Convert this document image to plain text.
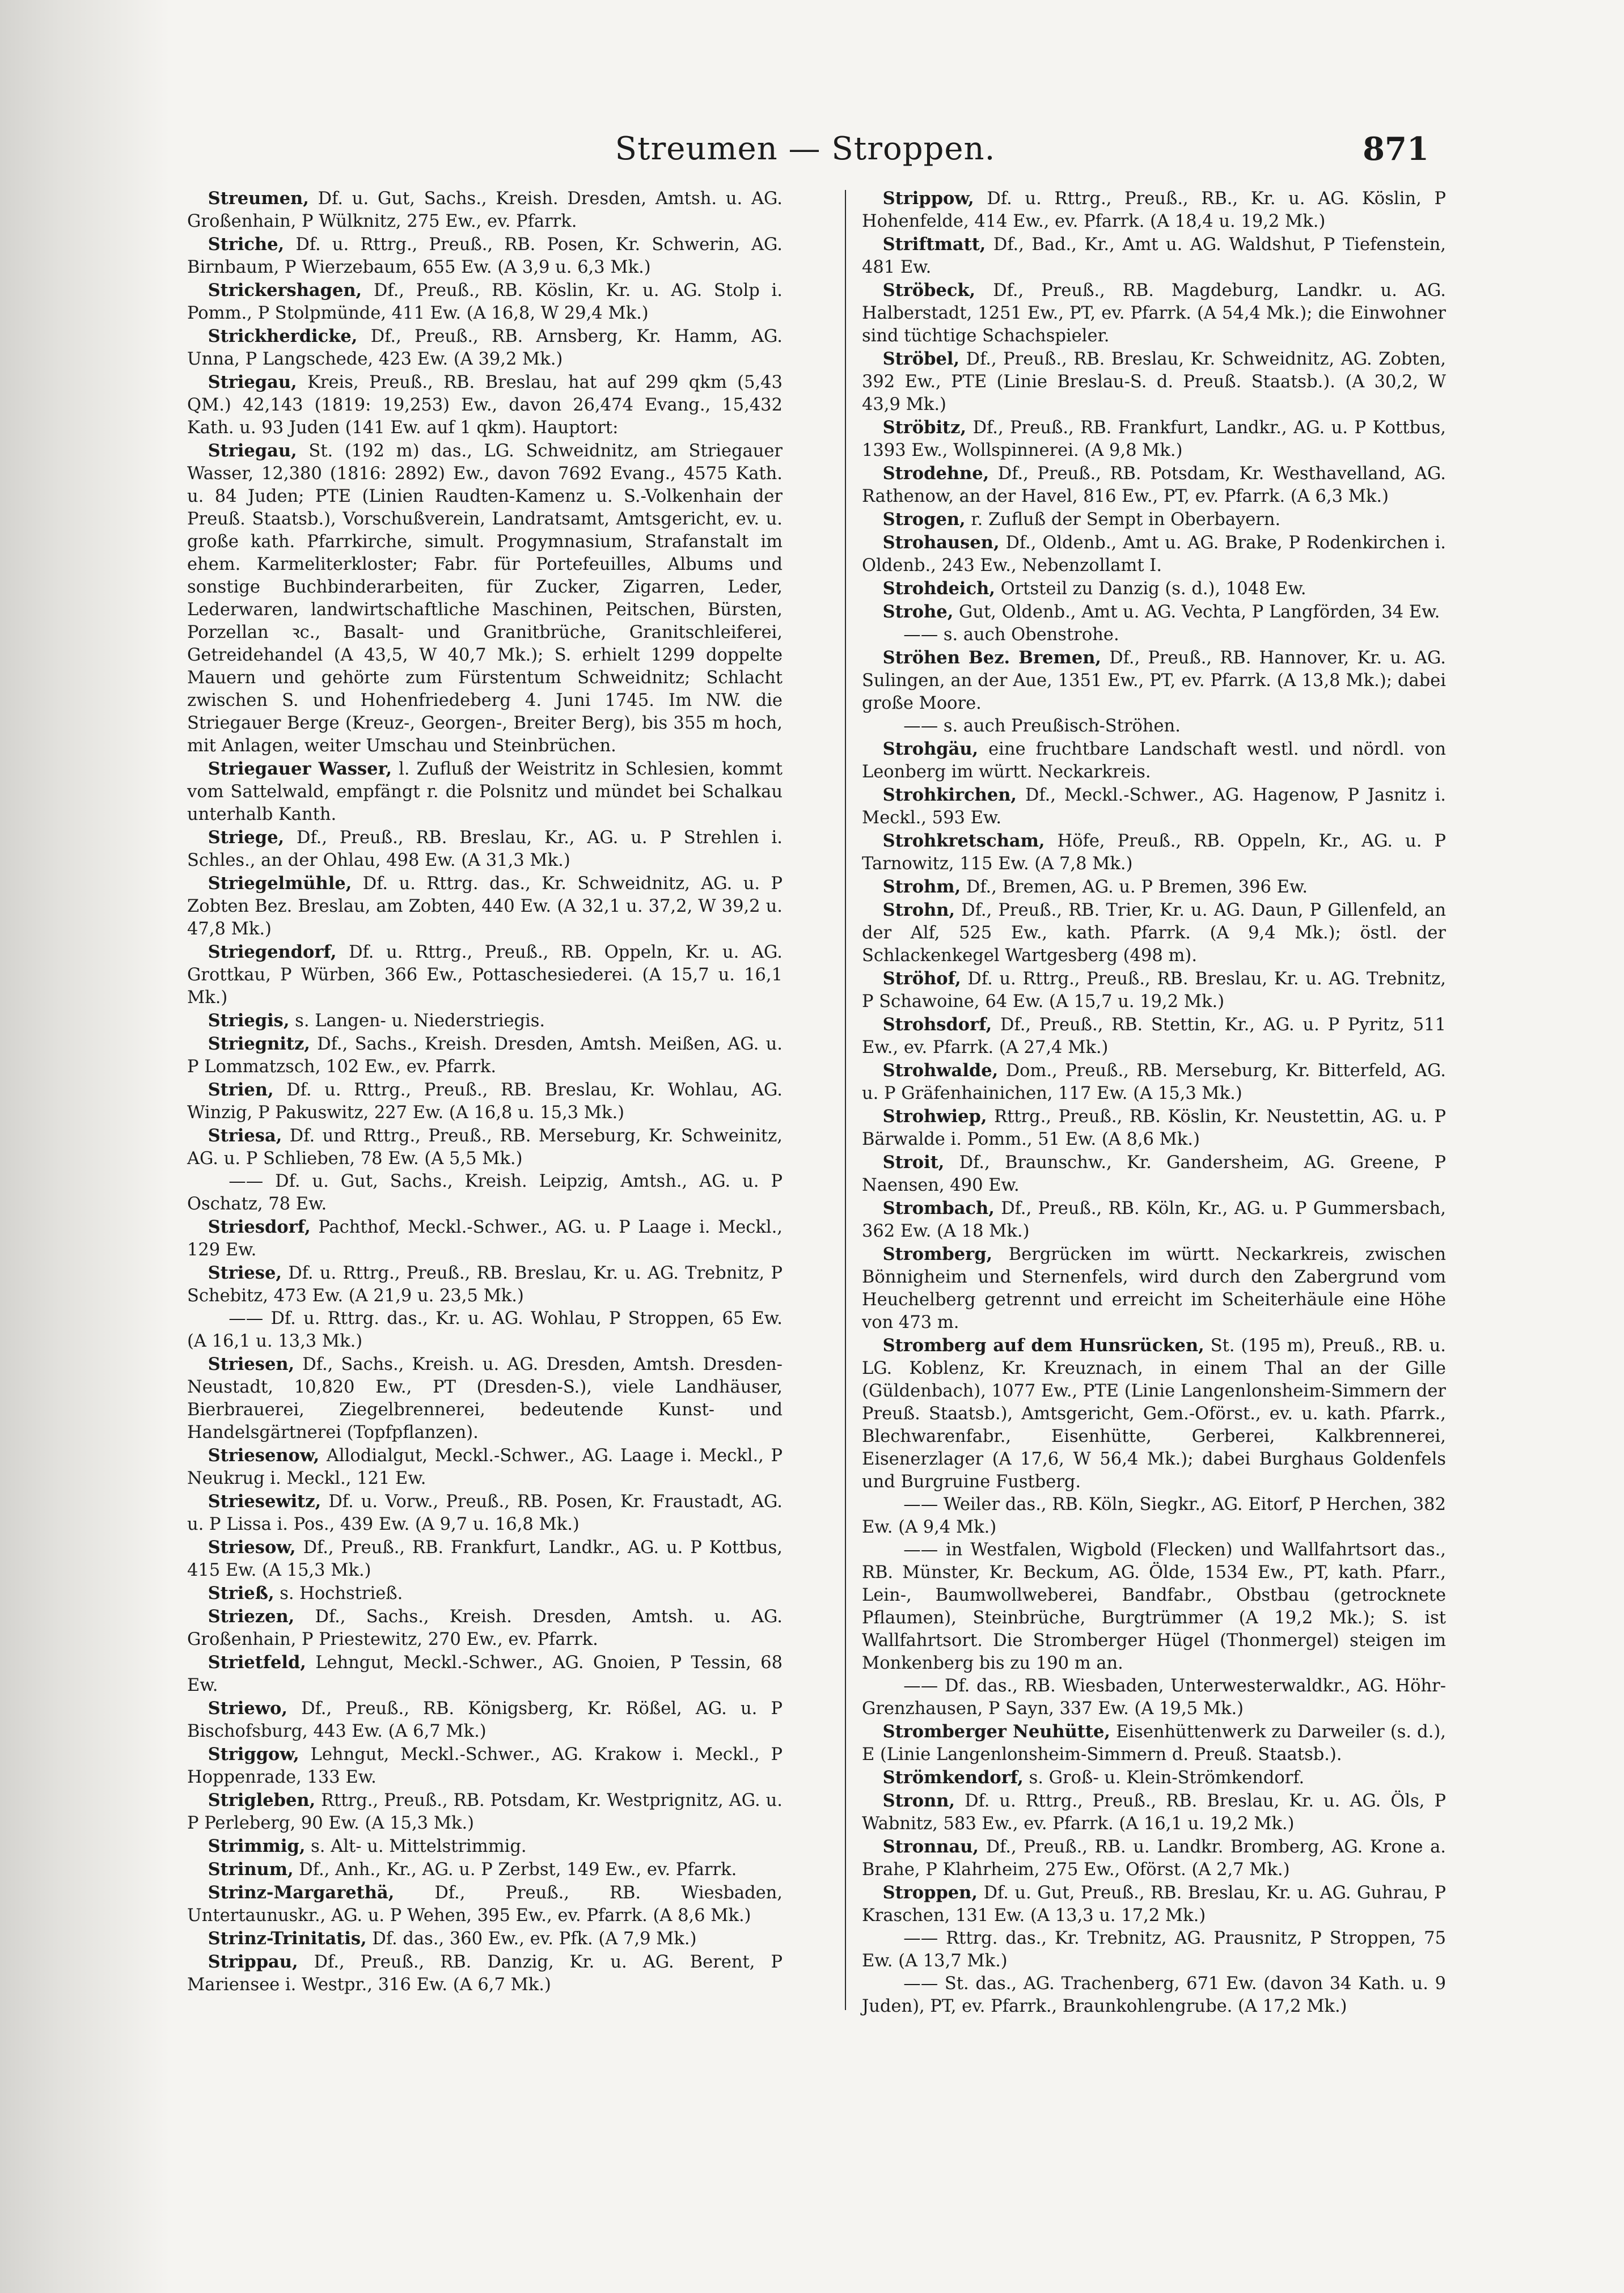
Streumen — Stroppen.	871
Streumen, Df. u. Gut, Sachs., Kreish. Dresden, Amtsh. u. AG. Großenhain, P Wülknitz, 275 Ew., ev. Pfarrk.
Striche, Df. u. Rttrg., Preuß., RB. Posen, Kr. Schwerin, AG. Birnbaum, P Wierzebaum, 655 Ew. (A 3,9 u. 6,3 Mk.)
Strickershagen, Df., Preuß., RB. Köslin, Kr. u. AG. Stolp i. Pomm., P Stolpmünde, 411 Ew. (A 16,8, W 29,4 Mk.)
Strickherdicke, Df., Preuß., RB. Arnsberg, Kr. Hamm, AG. Unna, P Langschede, 423 Ew. (A 39,2 Mk.)
Striegau, Kreis, Preuß., RB. Breslau, hat auf 299 qkm (5,43 QM.) 42,143 (1819: 19,253) Ew., davon 26,474 Evang., 15,432 Kath. u. 93 Juden (141 Ew. auf 1 qkm). Hauptort:
Striegau, St. (192 m) das., LG. Schweidnitz, am Striegauer Wasser, 12,380 (1816: 2892) Ew., davon 7692 Evang., 4575 Kath. u. 84 Juden; PTE (Linien Raudten-Kamenz u. S.-Volkenhain der Preuß. Staatsb.), Vorschußverein, Landratsamt, Amtsgericht, ev. u. große kath. Pfarrkirche, simult. Progymnasium, Strafanstalt im ehem. Karmeliterkloster; Fabr. für Portefeuilles, Albums und sonstige Buchbinderarbeiten, für Zucker, Zigarren, Leder, Lederwaren, landwirtschaftliche Maschinen, Peitschen, Bürsten, Porzellan ꝛc., Basalt- und Granitbrüche, Granitschleiferei, Getreidehandel (A 43,5, W 40,7 Mk.); S. erhielt 1299 doppelte Mauern und gehörte zum Fürstentum Schweidnitz; Schlacht zwischen S. und Hohenfriedeberg 4. Juni 1745. Im NW. die Striegauer Berge (Kreuz-, Georgen-, Breiter Berg), bis 355 m hoch, mit Anlagen, weiter Umschau und Steinbrüchen.
Striegauer Wasser, l. Zufluß der Weistritz in Schlesien, kommt vom Sattelwald, empfängt r. die Polsnitz und mündet bei Schalkau unterhalb Kanth.
Striege, Df., Preuß., RB. Breslau, Kr., AG. u. P Strehlen i. Schles., an der Ohlau, 498 Ew. (A 31,3 Mk.)
Striegelmühle, Df. u. Rttrg. das., Kr. Schweidnitz, AG. u. P Zobten Bez. Breslau, am Zobten, 440 Ew. (A 32,1 u. 37,2, W 39,2 u. 47,8 Mk.)
Striegendorf, Df. u. Rttrg., Preuß., RB. Oppeln, Kr. u. AG. Grottkau, P Würben, 366 Ew., Pottaschesiederei. (A 15,7 u. 16,1 Mk.)
Striegis, s. Langen- u. Niederstriegis.
Striegnitz, Df., Sachs., Kreish. Dresden, Amtsh. Meißen, AG. u. P Lommatzsch, 102 Ew., ev. Pfarrk.
Strien, Df. u. Rttrg., Preuß., RB. Breslau, Kr. Wohlau, AG. Winzig, P Pakuswitz, 227 Ew. (A 16,8 u. 15,3 Mk.)
Striesa, Df. und Rttrg., Preuß., RB. Merseburg, Kr. Schweinitz, AG. u. P Schlieben, 78 Ew. (A 5,5 Mk.)
—— Df. u. Gut, Sachs., Kreish. Leipzig, Amtsh., AG. u. P Oschatz, 78 Ew.
Striesdorf, Pachthof, Meckl.-Schwer., AG. u. P Laage i. Meckl., 129 Ew.
Striese, Df. u. Rttrg., Preuß., RB. Breslau, Kr. u. AG. Trebnitz, P Schebitz, 473 Ew. (A 21,9 u. 23,5 Mk.)
—— Df. u. Rttrg. das., Kr. u. AG. Wohlau, P Stroppen, 65 Ew. (A 16,1 u. 13,3 Mk.)
Striesen, Df., Sachs., Kreish. u. AG. Dresden, Amtsh. Dresden-Neustadt, 10,820 Ew., PT (Dresden-S.), viele Landhäuser, Bierbrauerei, Ziegelbrennerei, bedeutende Kunst- und Handelsgärtnerei (Topfpflanzen).
Striesenow, Allodialgut, Meckl.-Schwer., AG. Laage i. Meckl., P Neukrug i. Meckl., 121 Ew.
Striesewitz, Df. u. Vorw., Preuß., RB. Posen, Kr. Fraustadt, AG. u. P Lissa i. Pos., 439 Ew. (A 9,7 u. 16,8 Mk.)
Striesow, Df., Preuß., RB. Frankfurt, Landkr., AG. u. P Kottbus, 415 Ew. (A 15,3 Mk.)
Strieß, s. Hochstrieß.
Striezen, Df., Sachs., Kreish. Dresden, Amtsh. u. AG. Großenhain, P Priestewitz, 270 Ew., ev. Pfarrk.
Strietfeld, Lehngut, Meckl.-Schwer., AG. Gnoien, P Tessin, 68 Ew.
Striewo, Df., Preuß., RB. Königsberg, Kr. Rößel, AG. u. P Bischofsburg, 443 Ew. (A 6,7 Mk.)
Striggow, Lehngut, Meckl.-Schwer., AG. Krakow i. Meckl., P Hoppenrade, 133 Ew.
Strigleben, Rttrg., Preuß., RB. Potsdam, Kr. Westprignitz, AG. u. P Perleberg, 90 Ew. (A 15,3 Mk.)
Strimmig, s. Alt- u. Mittelstrimmig.
Strinum, Df., Anh., Kr., AG. u. P Zerbst, 149 Ew., ev. Pfarrk.
Strinz-Margarethä, Df., Preuß., RB. Wiesbaden, Untertaunuskr., AG. u. P Wehen, 395 Ew., ev. Pfarrk. (A 8,6 Mk.)
Strinz-Trinitatis, Df. das., 360 Ew., ev. Pfk. (A 7,9 Mk.)
Strippau, Df., Preuß., RB. Danzig, Kr. u. AG. Berent, P Mariensee i. Westpr., 316 Ew. (A 6,7 Mk.)
Strippow, Df. u. Rttrg., Preuß., RB., Kr. u. AG. Köslin, P Hohenfelde, 414 Ew., ev. Pfarrk. (A 18,4 u. 19,2 Mk.)
Striftmatt, Df., Bad., Kr., Amt u. AG. Waldshut, P Tiefenstein, 481 Ew.
Ströbeck, Df., Preuß., RB. Magdeburg, Landkr. u. AG. Halberstadt, 1251 Ew., PT, ev. Pfarrk. (A 54,4 Mk.); die Einwohner sind tüchtige Schachspieler.
Ströbel, Df., Preuß., RB. Breslau, Kr. Schweidnitz, AG. Zobten, 392 Ew., PTE (Linie Breslau-S. d. Preuß. Staatsb.). (A 30,2, W 43,9 Mk.)
Ströbitz, Df., Preuß., RB. Frankfurt, Landkr., AG. u. P Kottbus, 1393 Ew., Wollspinnerei. (A 9,8 Mk.)
Strodehne, Df., Preuß., RB. Potsdam, Kr. Westhavelland, AG. Rathenow, an der Havel, 816 Ew., PT, ev. Pfarrk. (A 6,3 Mk.)
Strogen, r. Zufluß der Sempt in Oberbayern.
Strohausen, Df., Oldenb., Amt u. AG. Brake, P Rodenkirchen i. Oldenb., 243 Ew., Nebenzollamt I.
Strohdeich, Ortsteil zu Danzig (s. d.), 1048 Ew.
Strohe, Gut, Oldenb., Amt u. AG. Vechta, P Langförden, 34 Ew.
—— s. auch Obenstrohe.
Ströhen Bez. Bremen, Df., Preuß., RB. Hannover, Kr. u. AG. Sulingen, an der Aue, 1351 Ew., PT, ev. Pfarrk. (A 13,8 Mk.); dabei große Moore.
—— s. auch Preußisch-Ströhen.
Strohgäu, eine fruchtbare Landschaft westl. und nördl. von Leonberg im württ. Neckarkreis.
Strohkirchen, Df., Meckl.-Schwer., AG. Hagenow, P Jasnitz i. Meckl., 593 Ew.
Strohkretscham, Höfe, Preuß., RB. Oppeln, Kr., AG. u. P Tarnowitz, 115 Ew. (A 7,8 Mk.)
Strohm, Df., Bremen, AG. u. P Bremen, 396 Ew.
Strohn, Df., Preuß., RB. Trier, Kr. u. AG. Daun, P Gillenfeld, an der Alf, 525 Ew., kath. Pfarrk. (A 9,4 Mk.); östl. der Schlackenkegel Wartgesberg (498 m).
Ströhof, Df. u. Rttrg., Preuß., RB. Breslau, Kr. u. AG. Trebnitz, P Schawoine, 64 Ew. (A 15,7 u. 19,2 Mk.)
Strohsdorf, Df., Preuß., RB. Stettin, Kr., AG. u. P Pyritz, 511 Ew., ev. Pfarrk. (A 27,4 Mk.)
Strohwalde, Dom., Preuß., RB. Merseburg, Kr. Bitterfeld, AG. u. P Gräfenhainichen, 117 Ew. (A 15,3 Mk.)
Strohwiep, Rttrg., Preuß., RB. Köslin, Kr. Neustettin, AG. u. P Bärwalde i. Pomm., 51 Ew. (A 8,6 Mk.)
Stroit, Df., Braunschw., Kr. Gandersheim, AG. Greene, P Naensen, 490 Ew.
Strombach, Df., Preuß., RB. Köln, Kr., AG. u. P Gummersbach, 362 Ew. (A 18 Mk.)
Stromberg, Bergrücken im württ. Neckarkreis, zwischen Bönnigheim und Sternenfels, wird durch den Zabergrund vom Heuchelberg getrennt und erreicht im Scheiterhäule eine Höhe von 473 m.
Stromberg auf dem Hunsrücken, St. (195 m), Preuß., RB. u. LG. Koblenz, Kr. Kreuznach, in einem Thal an der Gille (Güldenbach), 1077 Ew., PTE (Linie Langenlonsheim-Simmern der Preuß. Staatsb.), Amtsgericht, Gem.-Oförst., ev. u. kath. Pfarrk., Blechwarenfabr., Eisenhütte, Gerberei, Kalkbrennerei, Eisenerzlager (A 17,6, W 56,4 Mk.); dabei Burghaus Goldenfels und Burgruine Fustberg.
—— Weiler das., RB. Köln, Siegkr., AG. Eitorf, P Herchen, 382 Ew. (A 9,4 Mk.)
—— in Westfalen, Wigbold (Flecken) und Wallfahrtsort das., RB. Münster, Kr. Beckum, AG. Ölde, 1534 Ew., PT, kath. Pfarr., Lein-, Baumwollweberei, Bandfabr., Obstbau (getrocknete Pflaumen), Steinbrüche, Burgtrümmer (A 19,2 Mk.); S. ist Wallfahrtsort. Die Stromberger Hügel (Thonmergel) steigen im Monkenberg bis zu 190 m an.
—— Df. das., RB. Wiesbaden, Unterwesterwaldkr., AG. Höhr-Grenzhausen, P Sayn, 337 Ew. (A 19,5 Mk.)
Stromberger Neuhütte, Eisenhüttenwerk zu Darweiler (s. d.), E (Linie Langenlonsheim-Simmern d. Preuß. Staatsb.).
Strömkendorf, s. Groß- u. Klein-Strömkendorf.
Stronn, Df. u. Rttrg., Preuß., RB. Breslau, Kr. u. AG. Öls, P Wabnitz, 583 Ew., ev. Pfarrk. (A 16,1 u. 19,2 Mk.)
Stronnau, Df., Preuß., RB. u. Landkr. Bromberg, AG. Krone a. Brahe, P Klahrheim, 275 Ew., Oförst. (A 2,7 Mk.)
Stroppen, Df. u. Gut, Preuß., RB. Breslau, Kr. u. AG. Guhrau, P Kraschen, 131 Ew. (A 13,3 u. 17,2 Mk.)
—— Rttrg. das., Kr. Trebnitz, AG. Prausnitz, P Stroppen, 75 Ew. (A 13,7 Mk.)
—— St. das., AG. Trachenberg, 671 Ew. (davon 34 Kath. u. 9 Juden), PT, ev. Pfarrk., Braunkohlengrube. (A 17,2 Mk.)
